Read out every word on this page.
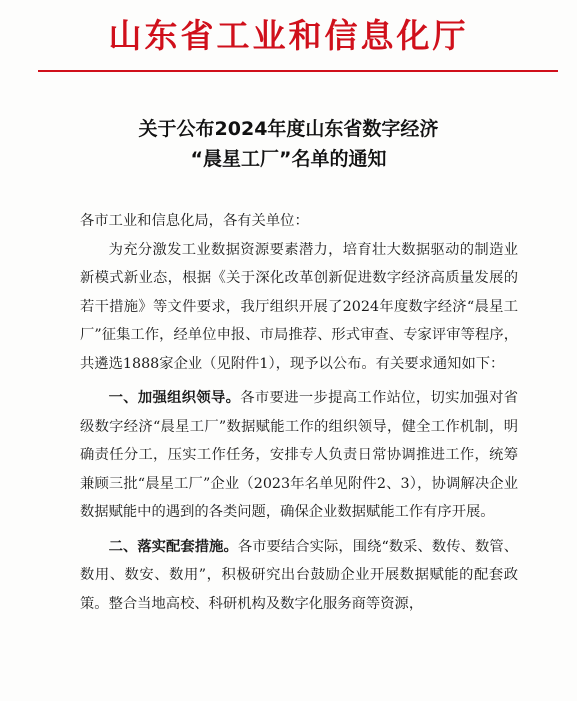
山东省工业和信息化厅
关于公布2024年度山东省数字经济
“晨星工厂”名单的通知

各市工业和信息化局，各有关单位：

为充分激发工业数据资源要素潜力，培育壮大数据驱动的制造业新模式新业态，根据《关于深化改革创新促进数字经济高质量发展的若干措施》等文件要求，我厅组织开展了2024年度数字经济“晨星工厂”征集工作，经单位申报、市局推荐、形式审查、专家评审等程序，共遴选1888家企业（见附件1），现予以公布。有关要求通知如下：

一、加强组织领导。各市要进一步提高工作站位，切实加强对省级数字经济“晨星工厂”数据赋能工作的组织领导，健全工作机制，明确责任分工，压实工作任务，安排专人负责日常协调推进工作，统筹兼顾三批“晨星工厂”企业（2023年名单见附件2、3），协调解决企业数据赋能中的遇到的各类问题，确保企业数据赋能工作有序开展。

二、落实配套措施。各市要结合实际，围绕“数采、数传、数管、数用、数安、数用”，积极研究出台鼓励企业开展数据赋能的配套政策。整合当地高校、科研机构及数字化服务商等资源，
